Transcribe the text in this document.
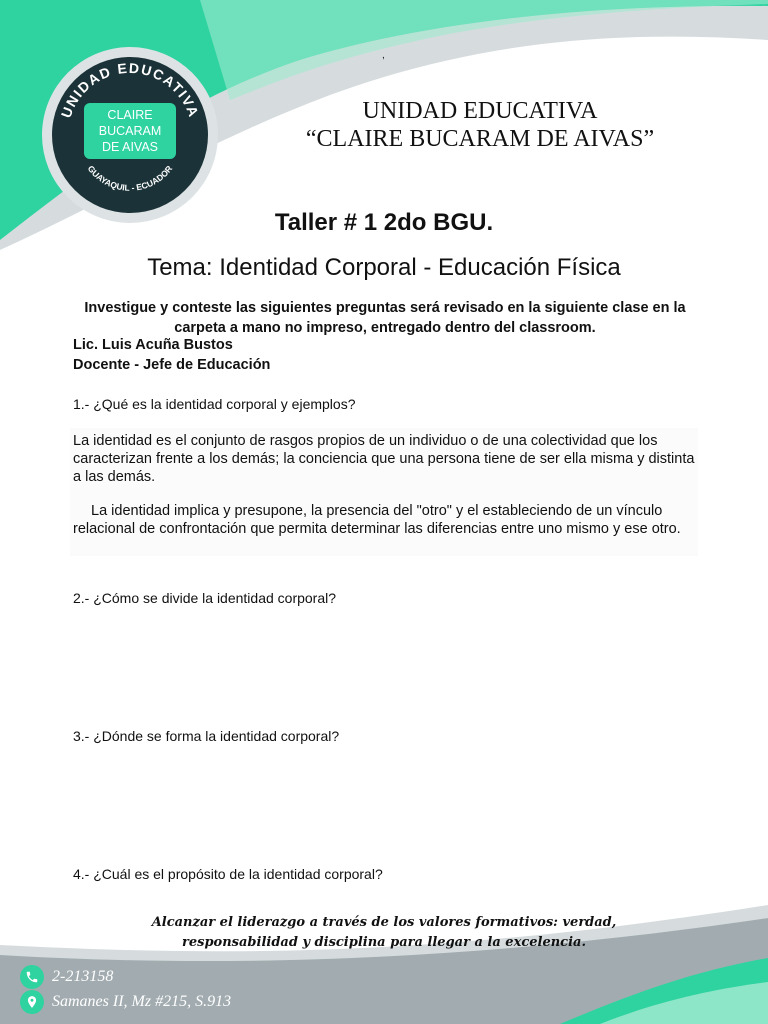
,
UNIDAD EDUCATIVA
GUAYAQUIL - ECUADOR
CLAIRE
BUCARAM
DE AIVAS
UNIDAD EDUCATIVA
“CLAIRE BUCARAM DE AIVAS”
Taller # 1 2do BGU.
Tema: Identidad Corporal - Educación Física
Investigue y conteste las siguientes preguntas será revisado en la siguiente clase en la carpeta a mano no impreso, entregado dentro del classroom.
Lic. Luis Acuña Bustos
Docente - Jefe de Educación
1.- ¿Qué es la identidad corporal y ejemplos?
La identidad es el conjunto de rasgos propios de un individuo o de una colectividad que los caracterizan frente a los demás; la conciencia que una persona tiene de ser ella misma y distinta a las demás.
La identidad implica y presupone, la presencia del "otro" y el estableciendo de un vínculo relacional de confrontación que permita determinar las diferencias entre uno mismo y ese otro.
2.- ¿Cómo se divide la identidad corporal?
3.- ¿Dónde se forma la identidad corporal?
4.- ¿Cuál es el propósito de la identidad corporal?
Alcanzar el liderazgo a través de los valores formativos: verdad, responsabilidad y disciplina para llegar a la excelencia.
2-213158
Samanes II, Mz #215, S.913
